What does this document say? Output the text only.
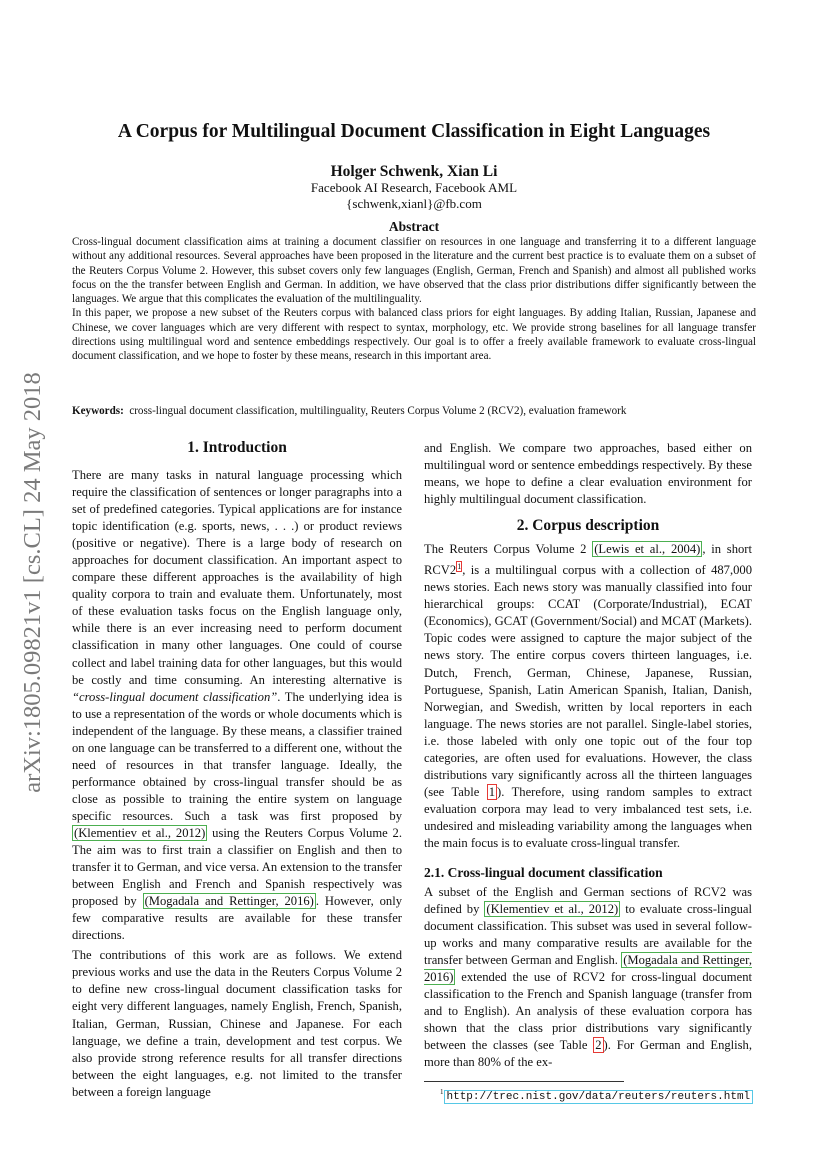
arXiv:1805.09821v1 [cs.CL] 24 May 2018
A Corpus for Multilingual Document Classification in Eight Languages
Holger Schwenk, Xian Li
Facebook AI Research, Facebook AML
{schwenk,xianl}@fb.com
Abstract

Cross-lingual document classification aims at training a document classifier on resources in one language and transferring it to a different language without any additional resources. Several approaches have been proposed in the literature and the current best practice is to evaluate them on a subset of the Reuters Corpus Volume 2. However, this subset covers only few languages (English, German, French and Spanish) and almost all published works focus on the the transfer between English and German. In addition, we have observed that the class prior distributions differ significantly between the languages. We argue that this complicates the evaluation of the multilinguality.

In this paper, we propose a new subset of the Reuters corpus with balanced class priors for eight languages. By adding Italian, Russian, Japanese and Chinese, we cover languages which are very different with respect to syntax, morphology, etc. We provide strong baselines for all language transfer directions using multilingual word and sentence embeddings respectively. Our goal is to offer a freely available framework to evaluate cross-lingual document classification, and we hope to foster by these means, research in this important area.

Keywords: cross-lingual document classification, multilinguality, Reuters Corpus Volume 2 (RCV2), evaluation framework
1. Introduction

There are many tasks in natural language processing which require the classification of sentences or longer paragraphs into a set of predefined categories. Typical applications are for instance topic identification (e.g. sports, news, . . .) or product reviews (positive or negative). There is a large body of research on approaches for document classification. An important aspect to compare these different approaches is the availability of high quality corpora to train and evaluate them. Unfortunately, most of these evaluation tasks focus on the English language only, while there is an ever increasing need to perform document classification in many other languages. One could of course collect and label training data for other languages, but this would be costly and time consuming. An interesting alternative is “cross-lingual document classification”. The underlying idea is to use a representation of the words or whole documents which is independent of the language. By these means, a classifier trained on one language can be transferred to a different one, without the need of resources in that transfer language. Ideally, the performance obtained by cross-lingual transfer should be as close as possible to training the entire system on language specific resources. Such a task was first proposed by (Klementiev et al., 2012) using the Reuters Corpus Volume 2. The aim was to first train a classifier on English and then to transfer it to German, and vice versa. An extension to the transfer between English and French and Spanish respectively was proposed by (Mogadala and Rettinger, 2016) . However, only few comparative results are available for these transfer directions.

The contributions of this work are as follows. We extend previous works and use the data in the Reuters Corpus Volume 2 to define new cross-lingual document classification tasks for eight very different languages, namely English, French, Spanish, Italian, German, Russian, Chinese and Japanese. For each language, we define a train, development and test corpus. We also provide strong reference results for all transfer directions between the eight languages, e.g. not limited to the transfer between a foreign language

and English. We compare two approaches, based either on multilingual word or sentence embeddings respectively. By these means, we hope to define a clear evaluation environment for highly multilingual document classification.
2. Corpus description
The Reuters Corpus Volume 2 (Lewis et al., 2004) , in short RCV2$^1$, is a multilingual corpus with a collection of 487,000 news stories. Each news story was manually classified into four hierarchical groups: CCAT (Corporate/Industrial), ECAT (Economics), GCAT (Government/Social) and MCAT (Markets). Topic codes were assigned to capture the major subject of the news story. The entire corpus covers thirteen languages, i.e. Dutch, French, German, Chinese, Japanese, Russian, Portuguese, Spanish, Latin American Spanish, Italian, Danish, Norwegian, and Swedish, written by local reporters in each language. The news stories are not parallel. Single-label stories, i.e. those labeled with only one topic out of the four top categories, are often used for evaluations. However, the class distributions vary significantly across all the thirteen languages (see Table 1 ). Therefore, using random samples to extract evaluation corpora may lead to very imbalanced test sets, i.e. undesired and misleading variability among the languages when the main focus is to evaluate cross-lingual transfer.
2.1. Cross-lingual document classification
A subset of the English and German sections of RCV2 was defined by (Klementiev et al., 2012) to evaluate cross-lingual document classification. This subset was used in several follow-up works and many comparative results are available for the transfer between German and English. (Mogadala and Rettinger, 2016) extended the use of RCV2 for cross-lingual document classification to the French and Spanish language (transfer from and to English). An analysis of these evaluation corpora has shown that the class prior distributions vary significantly between the classes (see Table 2 ). For German and English, more than 80% of the ex-
$^1$ http://trec.nist.gov/data/reuters/reuters.html
